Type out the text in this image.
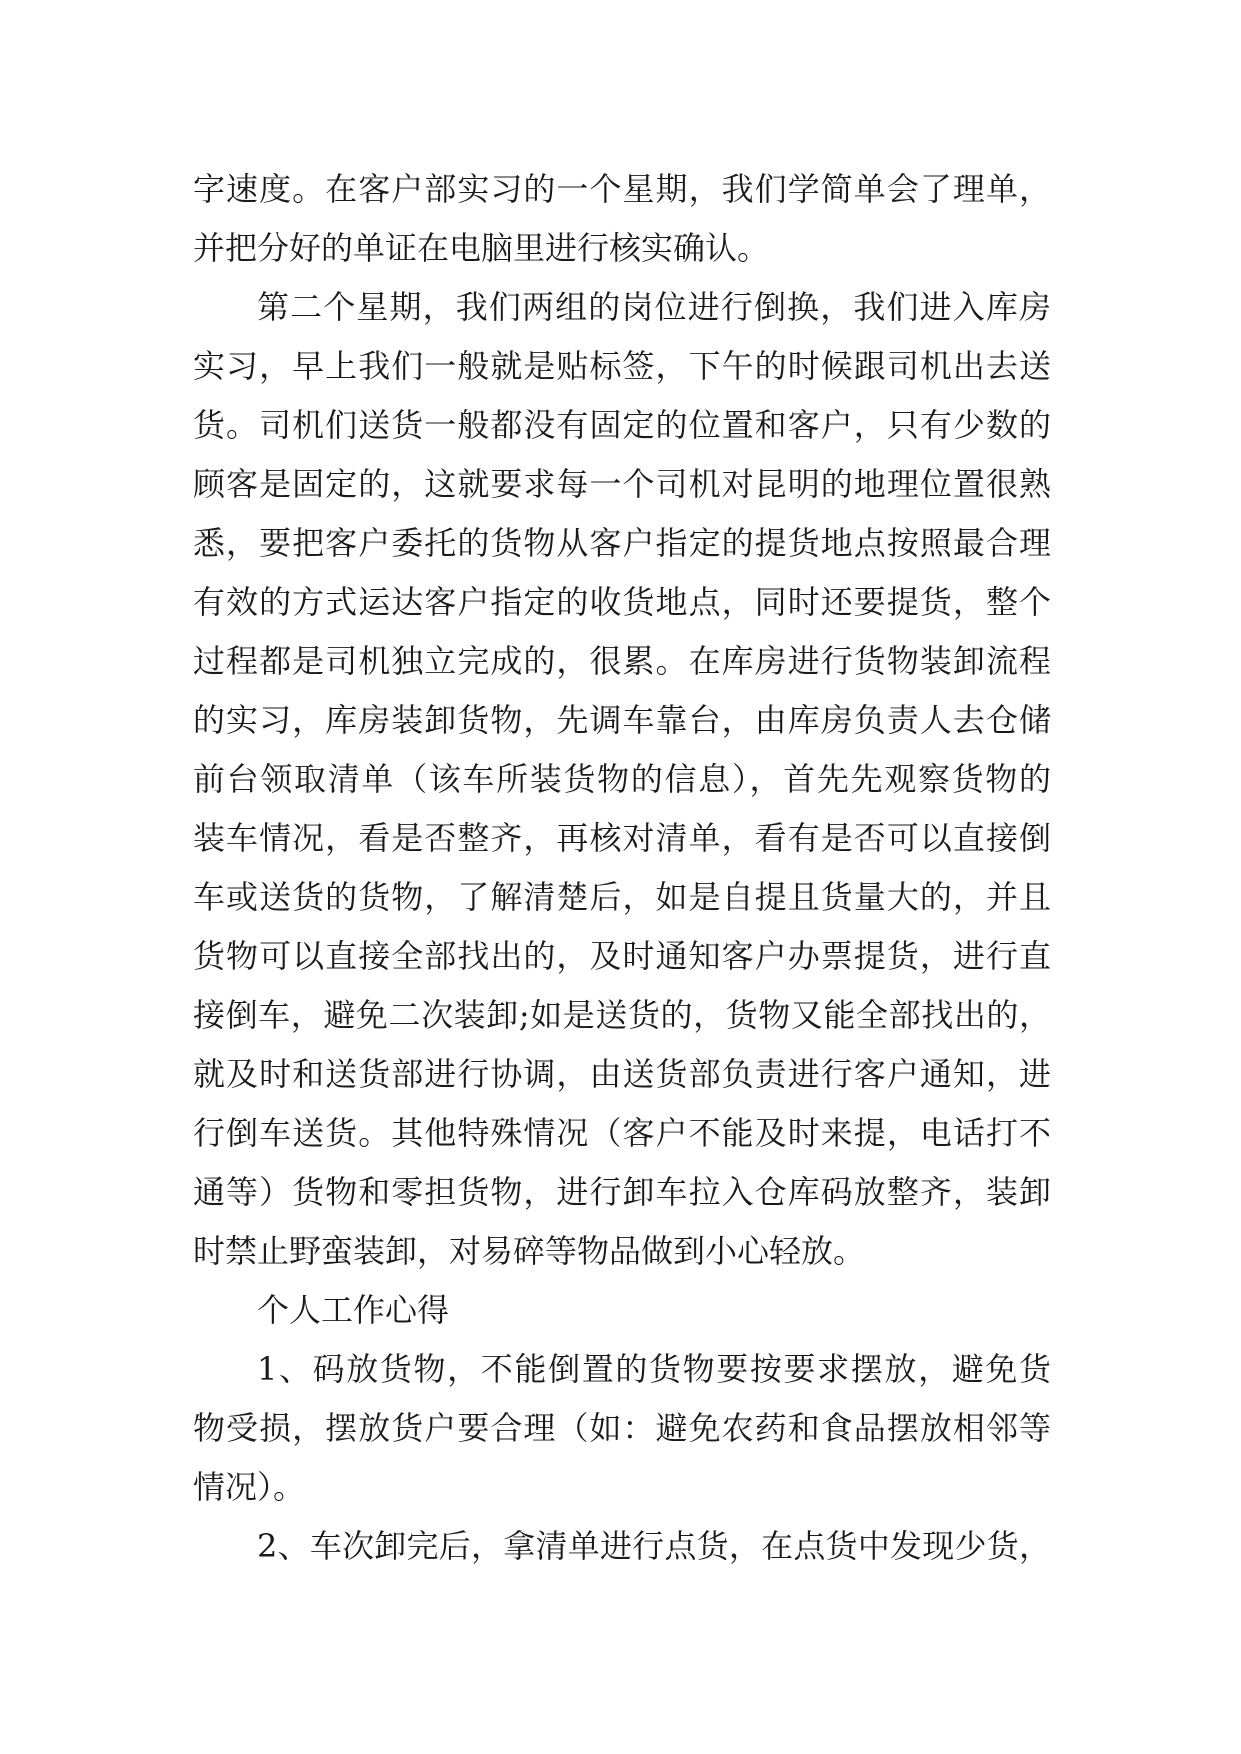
字速度。在客户部实习的一个星期，我们学简单会了理单，
并把分好的单证在电脑里进行核实确认。
第二个星期，我们两组的岗位进行倒换，我们进入库房
实习，早上我们一般就是贴标签，下午的时候跟司机出去送
货。司机们送货一般都没有固定的位置和客户，只有少数的
顾客是固定的，这就要求每一个司机对昆明的地理位置很熟
悉，要把客户委托的货物从客户指定的提货地点按照最合理
有效的方式运达客户指定的收货地点，同时还要提货，整个
过程都是司机独立完成的，很累。在库房进行货物装卸流程
的实习，库房装卸货物，先调车靠台，由库房负责人去仓储
前台领取清单（该车所装货物的信息），首先先观察货物的
装车情况，看是否整齐，再核对清单，看有是否可以直接倒
车或送货的货物，了解清楚后，如是自提且货量大的，并且
货物可以直接全部找出的，及时通知客户办票提货，进行直
接倒车，避免二次装卸;如是送货的，货物又能全部找出的，
就及时和送货部进行协调，由送货部负责进行客户通知，进
行倒车送货。其他特殊情况（客户不能及时来提，电话打不
通等）货物和零担货物，进行卸车拉入仓库码放整齐，装卸
时禁止野蛮装卸，对易碎等物品做到小心轻放。
个人工作心得
1、码放货物，不能倒置的货物要按要求摆放，避免货
物受损，摆放货户要合理（如：避免农药和食品摆放相邻等
情况）。
2、车次卸完后，拿清单进行点货，在点货中发现少货，
